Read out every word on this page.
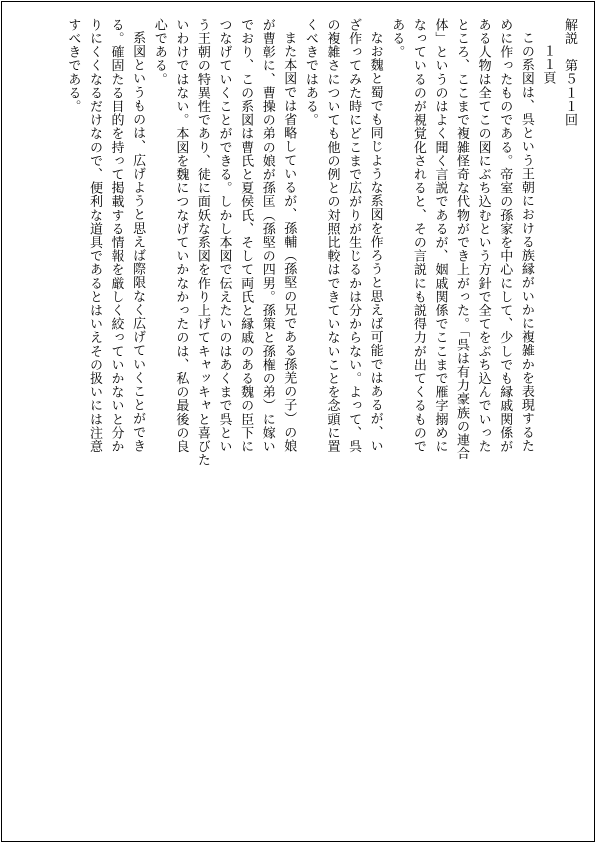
解説　第５１１回
１１頁
この系図は、呉という王朝における族縁がいかに複雑かを表現するた
めに作ったものである。帝室の孫家を中心にして、少しでも縁戚関係が
ある人物は全てこの図にぶち込むという方針で全てをぶち込んでいった
ところ、ここまで複雑怪奇な代物ができ上がった。「呉は有力豪族の連合
体」というのはよく聞く言説であるが、姻戚関係でここまで雁字搦めに
なっているのが視覚化されると、その言説にも説得力が出てくるもので
ある。
なお魏と蜀でも同じような系図を作ろうと思えば可能ではあるが、い
ざ作ってみた時にどこまで広がりが生じるかは分からない。よって、呉
の複雑さについても他の例との対照比較はできていないことを念頭に置
くべきではある。
また本図では省略しているが、孫輔（孫堅の兄である孫羌の子）の娘
が曹彰に、曹操の弟の娘が孫匡（孫堅の四男。孫策と孫権の弟）に嫁い
でおり、この系図は曹氏と夏侯氏、そして両氏と縁戚のある魏の臣下に
つなげていくことができる。しかし本図で伝えたいのはあくまで呉とい
う王朝の特異性であり、徒に面妖な系図を作り上げてキャッキャと喜びた
いわけではない。本図を魏につなげていかなかったのは、私の最後の良
心である。
系図というものは、広げようと思えば際限なく広げていくことができ
る。確固たる目的を持って掲載する情報を厳しく絞っていかないと分か
りにくくなるだけなので、便利な道具であるとはいえその扱いには注意
すべきである。
